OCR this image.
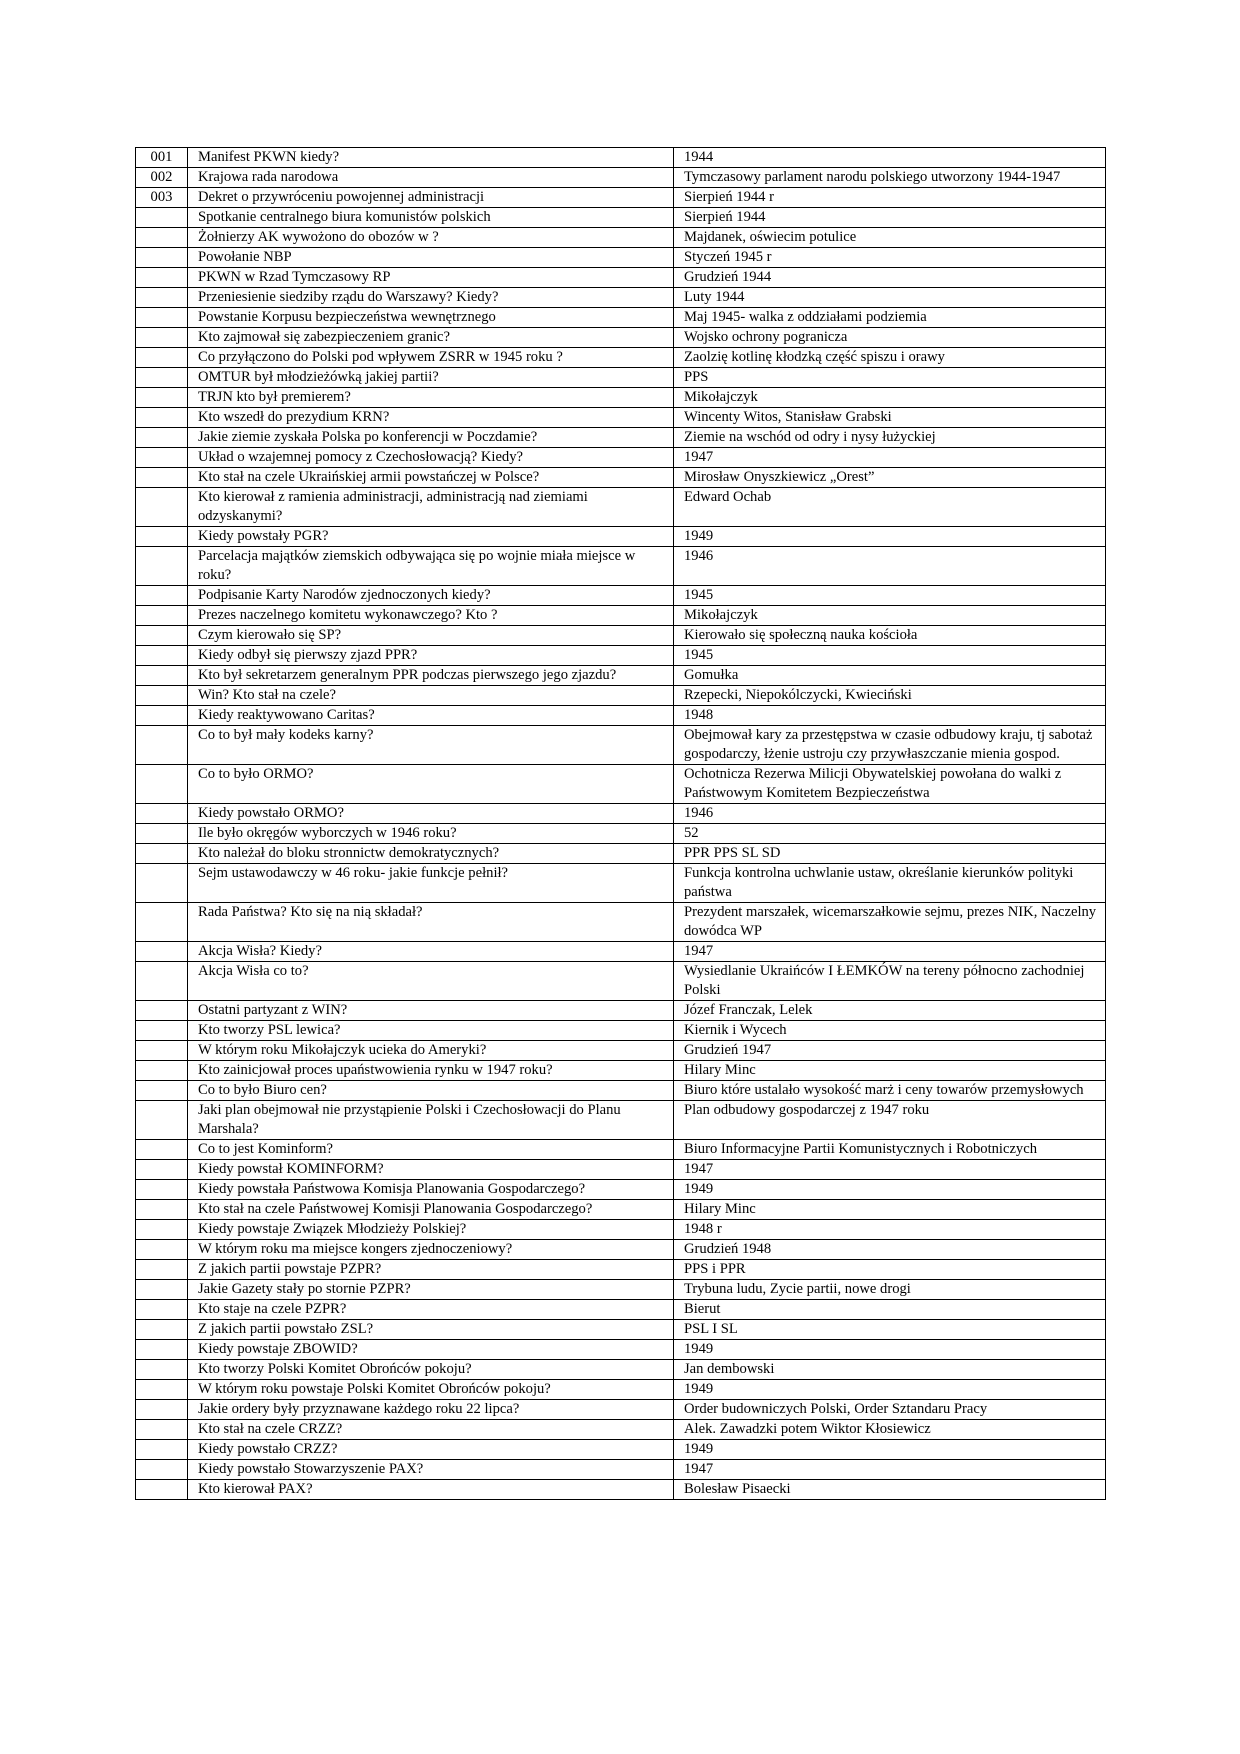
001	Manifest PKWN kiedy?	1944
002	Krajowa rada narodowa	Tymczasowy parlament narodu polskiego utworzony 1944-1947
003	Dekret o przywróceniu powojennej administracji	Sierpień 1944 r
	Spotkanie centralnego biura komunistów polskich	Sierpień 1944
	Żołnierzy AK wywożono do obozów w ?	Majdanek, oświecim potulice
	Powołanie NBP	Styczeń 1945 r
	PKWN w Rzad Tymczasowy RP	Grudzień 1944
	Przeniesienie siedziby rządu do Warszawy? Kiedy?	Luty 1944
	Powstanie Korpusu bezpieczeństwa wewnętrznego	Maj 1945- walka z oddziałami podziemia
	Kto zajmował się zabezpieczeniem granic?	Wojsko ochrony pogranicza
	Co przyłączono do Polski pod wpływem ZSRR w 1945 roku ?	Zaolzię kotlinę kłodzką część spiszu i orawy
	OMTUR był młodzieżówką jakiej partii?	PPS
	TRJN kto był premierem?	Mikołajczyk
	Kto wszedł do prezydium KRN?	Wincenty Witos, Stanisław Grabski
	Jakie ziemie zyskała Polska po konferencji w Poczdamie?	Ziemie na wschód od odry i nysy łużyckiej
	Układ o wzajemnej pomocy z Czechosłowacją? Kiedy?	1947
	Kto stał na czele Ukraińskiej armii powstańczej w Polsce?	Mirosław Onyszkiewicz „Orest”
	Kto kierował z ramienia administracji, administracją nad ziemiami odzyskanymi?	Edward Ochab
	Kiedy powstały PGR?	1949
	Parcelacja majątków ziemskich odbywająca się po wojnie miała miejsce w roku?	1946
	Podpisanie Karty Narodów zjednoczonych kiedy?	1945
	Prezes naczelnego komitetu wykonawczego? Kto ?	Mikołajczyk
	Czym kierowało się SP?	Kierowało się społeczną nauka kościoła
	Kiedy odbył się pierwszy zjazd PPR?	1945
	Kto był sekretarzem generalnym PPR podczas pierwszego jego zjazdu?	Gomułka
	Win? Kto stał na czele?	Rzepecki, Niepokólczycki, Kwieciński
	Kiedy reaktywowano Caritas?	1948
	Co to był mały kodeks karny?	Obejmował kary za przestępstwa w czasie odbudowy kraju, tj sabotaż gospodarczy, łżenie ustroju czy przywłaszczanie mienia gospod.
	Co to było ORMO?	Ochotnicza Rezerwa Milicji Obywatelskiej powołana do walki z Państwowym Komitetem Bezpieczeństwa
	Kiedy powstało ORMO?	1946
	Ile było okręgów wyborczych w 1946 roku?	52
	Kto należał do bloku stronnictw demokratycznych?	PPR PPS SL SD
	Sejm ustawodawczy w 46 roku- jakie funkcje pełnił?	Funkcja kontrolna uchwlanie ustaw, określanie kierunków polityki państwa
	Rada Państwa? Kto się na nią składał?	Prezydent marszałek, wicemarszałkowie sejmu, prezes NIK, Naczelny dowódca WP
	Akcja Wisła? Kiedy?	1947
	Akcja Wisła co to?	Wysiedlanie Ukraińców I ŁEMKÓW na tereny północno zachodniej Polski
	Ostatni partyzant z WIN?	Józef Franczak, Lelek
	Kto tworzy PSL lewica?	Kiernik i Wycech
	W którym roku Mikołajczyk ucieka do Ameryki?	Grudzień 1947
	Kto zainicjował proces upaństwowienia rynku w 1947 roku?	Hilary Minc
	Co to było Biuro cen?	Biuro które ustalało wysokość marż i ceny towarów przemysłowych
	Jaki plan obejmował nie przystąpienie Polski i Czechosłowacji do Planu Marshala?	Plan odbudowy gospodarczej z 1947 roku
	Co to jest Kominform?	Biuro Informacyjne Partii Komunistycznych i Robotniczych
	Kiedy powstał KOMINFORM?	1947
	Kiedy powstała Państwowa Komisja Planowania Gospodarczego?	1949
	Kto stał na czele Państwowej Komisji Planowania Gospodarczego?	Hilary Minc
	Kiedy powstaje Związek Młodzieży Polskiej?	1948 r
	W którym roku ma miejsce kongers zjednoczeniowy?	Grudzień 1948
	Z jakich partii powstaje PZPR?	PPS i PPR
	Jakie Gazety stały po stornie PZPR?	Trybuna ludu, Zycie partii, nowe drogi
	Kto staje na czele PZPR?	Bierut
	Z jakich partii powstało ZSL?	PSL I SL
	Kiedy powstaje ZBOWID?	1949
	Kto tworzy Polski Komitet Obrońców pokoju?	Jan dembowski
	W którym roku powstaje Polski Komitet Obrońców pokoju?	1949
	Jakie ordery były przyznawane każdego roku 22 lipca?	Order budowniczych Polski, Order Sztandaru Pracy
	Kto stał na czele CRZZ?	Alek. Zawadzki potem Wiktor Kłosiewicz
	Kiedy powstało CRZZ?	1949
	Kiedy powstało Stowarzyszenie PAX?	1947
	Kto kierował PAX?	Bolesław Pisaecki
